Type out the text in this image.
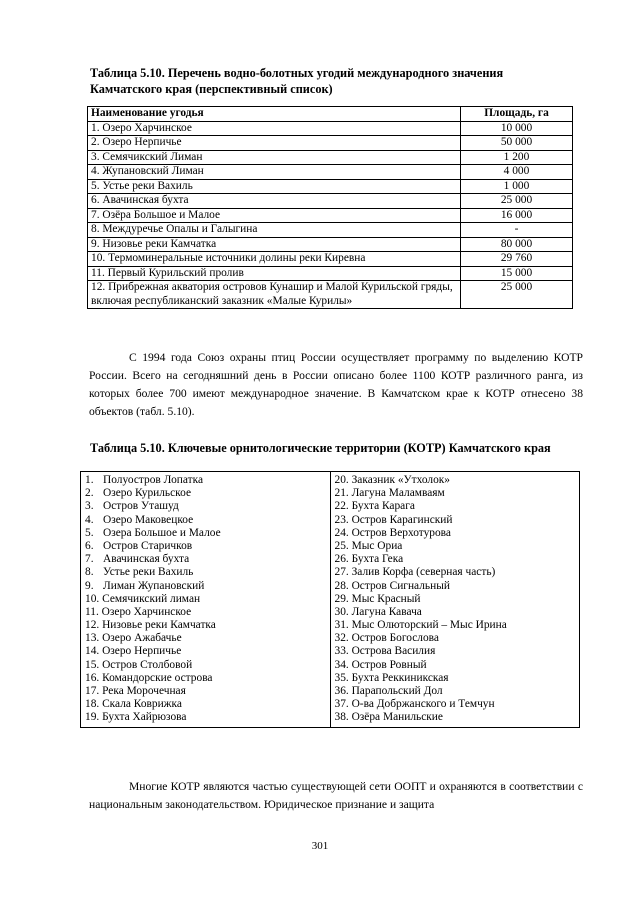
Таблица 5.10. Перечень водно-болотных угодий международного значения
Камчатского края (перспективный список)
Наименование угодья	Площадь, га
1. Озеро Харчинское	10 000
2. Озеро Нерпичье	50 000
3. Семячикский Лиман	1 200
4. Жупановский Лиман	4 000
5. Устье реки Вахиль	1 000
6. Авачинская бухта	25 000
7. Озёра Большое и Малое	16 000
8. Междуречье Опалы и Галыгина	-
9. Низовье реки Камчатка	80 000
10. Термоминеральные источники долины реки Киревна	29 760
11. Первый Курильский пролив	15 000
12. Прибрежная акватория островов Кунашир и Малой Курильской гряды, включая республиканский заказник «Малые Курилы»	25 000
С 1994 года Союз охраны птиц России осуществляет программу по выделению КОТР России. Всего на сегодняшний день в России описано более 1100 КОТР различного ранга, из которых более 700 имеют международное значение. В Камчатском крае к КОТР отнесено 38 объектов (табл. 5.10).
Таблица 5.10. Ключевые орнитологические территории (КОТР) Камчатского края
1. Полуостров Лопатка
2. Озеро Курильское
3. Остров Уташуд
4. Озеро Маковецкое
5. Озера Большое и Малое
6. Остров Старичков
7. Авачинская бухта
8. Устье реки Вахиль
9. Лиман Жупановский
10. Семячикский лиман
11. Озеро Харчинское
12. Низовье реки Камчатка
13. Озеро Ажабачье
14. Озеро Нерпичье
15. Остров Столбовой
16. Командорские острова
17. Река Морочечная
18. Скала Коврижка
19. Бухта Хайрюзова

20. Заказник «Утхолок»
21. Лагуна Маламваям
22. Бухта Карага
23. Остров Карагинский
24. Остров Верхотурова
25. Мыс Ориа
26. Бухта Гека
27. Залив Корфа (северная часть)
28. Остров Сигнальный
29. Мыс Красный
30. Лагуна Кавача
31. Мыс Олюторский – Мыс Ирина
32. Остров Богослова
33. Острова Василия
34. Остров Ровный
35. Бухта Реккиникская
36. Парапольский Дол
37. О-ва Добржанского и Темчун
38. Озёра Манильские
Многие КОТР являются частью существующей сети ООПТ и охраняются в соответствии с национальным законодательством. Юридическое признание и защита
301
